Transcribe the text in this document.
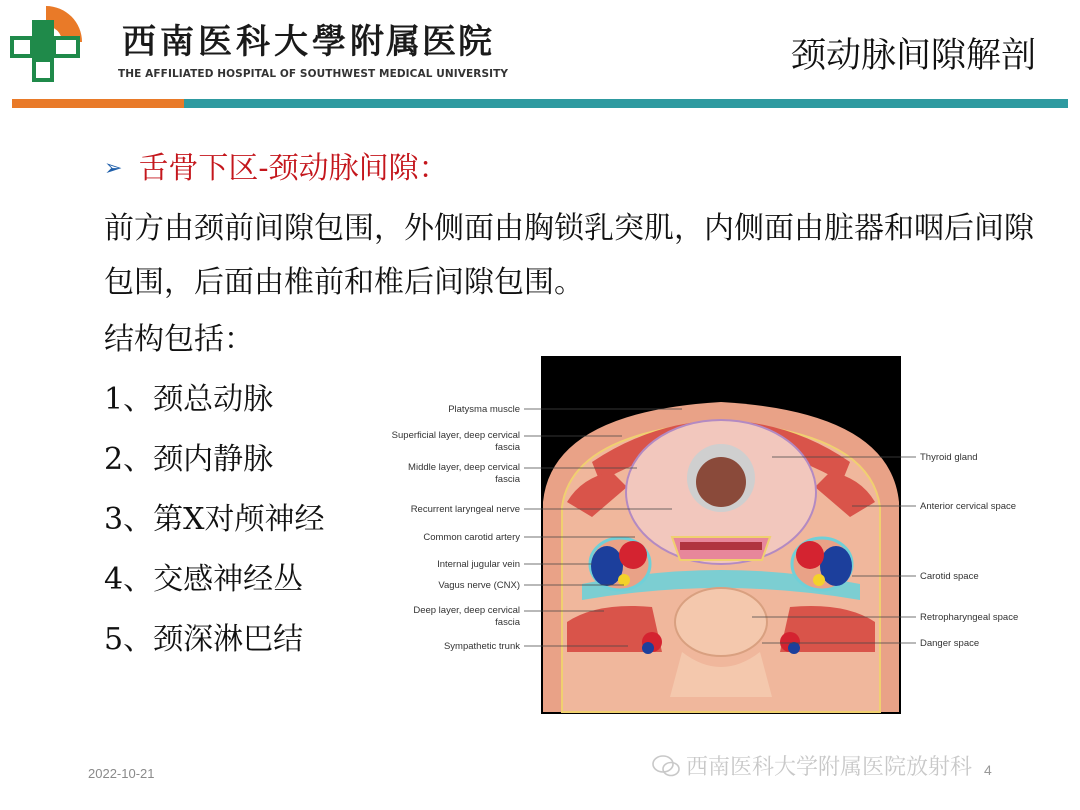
西南医科大學附属医院
THE AFFILIATED HOSPITAL OF SOUTHWEST MEDICAL UNIVERSITY	颈动脉间隙解剖
➢ 舌骨下区-颈动脉间隙：
前方由颈前间隙包围，外侧面由胸锁乳突肌，内侧面由脏器和咽后间隙包围，后面由椎前和椎后间隙包围。
结构包括：
1、颈总动脉
2、颈内静脉
3、第X对颅神经
4、交感神经丛
5、颈深淋巴结
Platysma muscle
Superficial layer, deep cervical
fascia
Middle layer, deep cervical
fascia
Recurrent laryngeal nerve
Common carotid artery
Internal jugular vein
Vagus nerve (CNX)
Deep layer, deep cervical
fascia
Sympathetic trunk
Thyroid gland
Anterior cervical space
Carotid space
Retropharyngeal space
Danger space
2022-10-21	西南医科大学附属医院放射科 4
